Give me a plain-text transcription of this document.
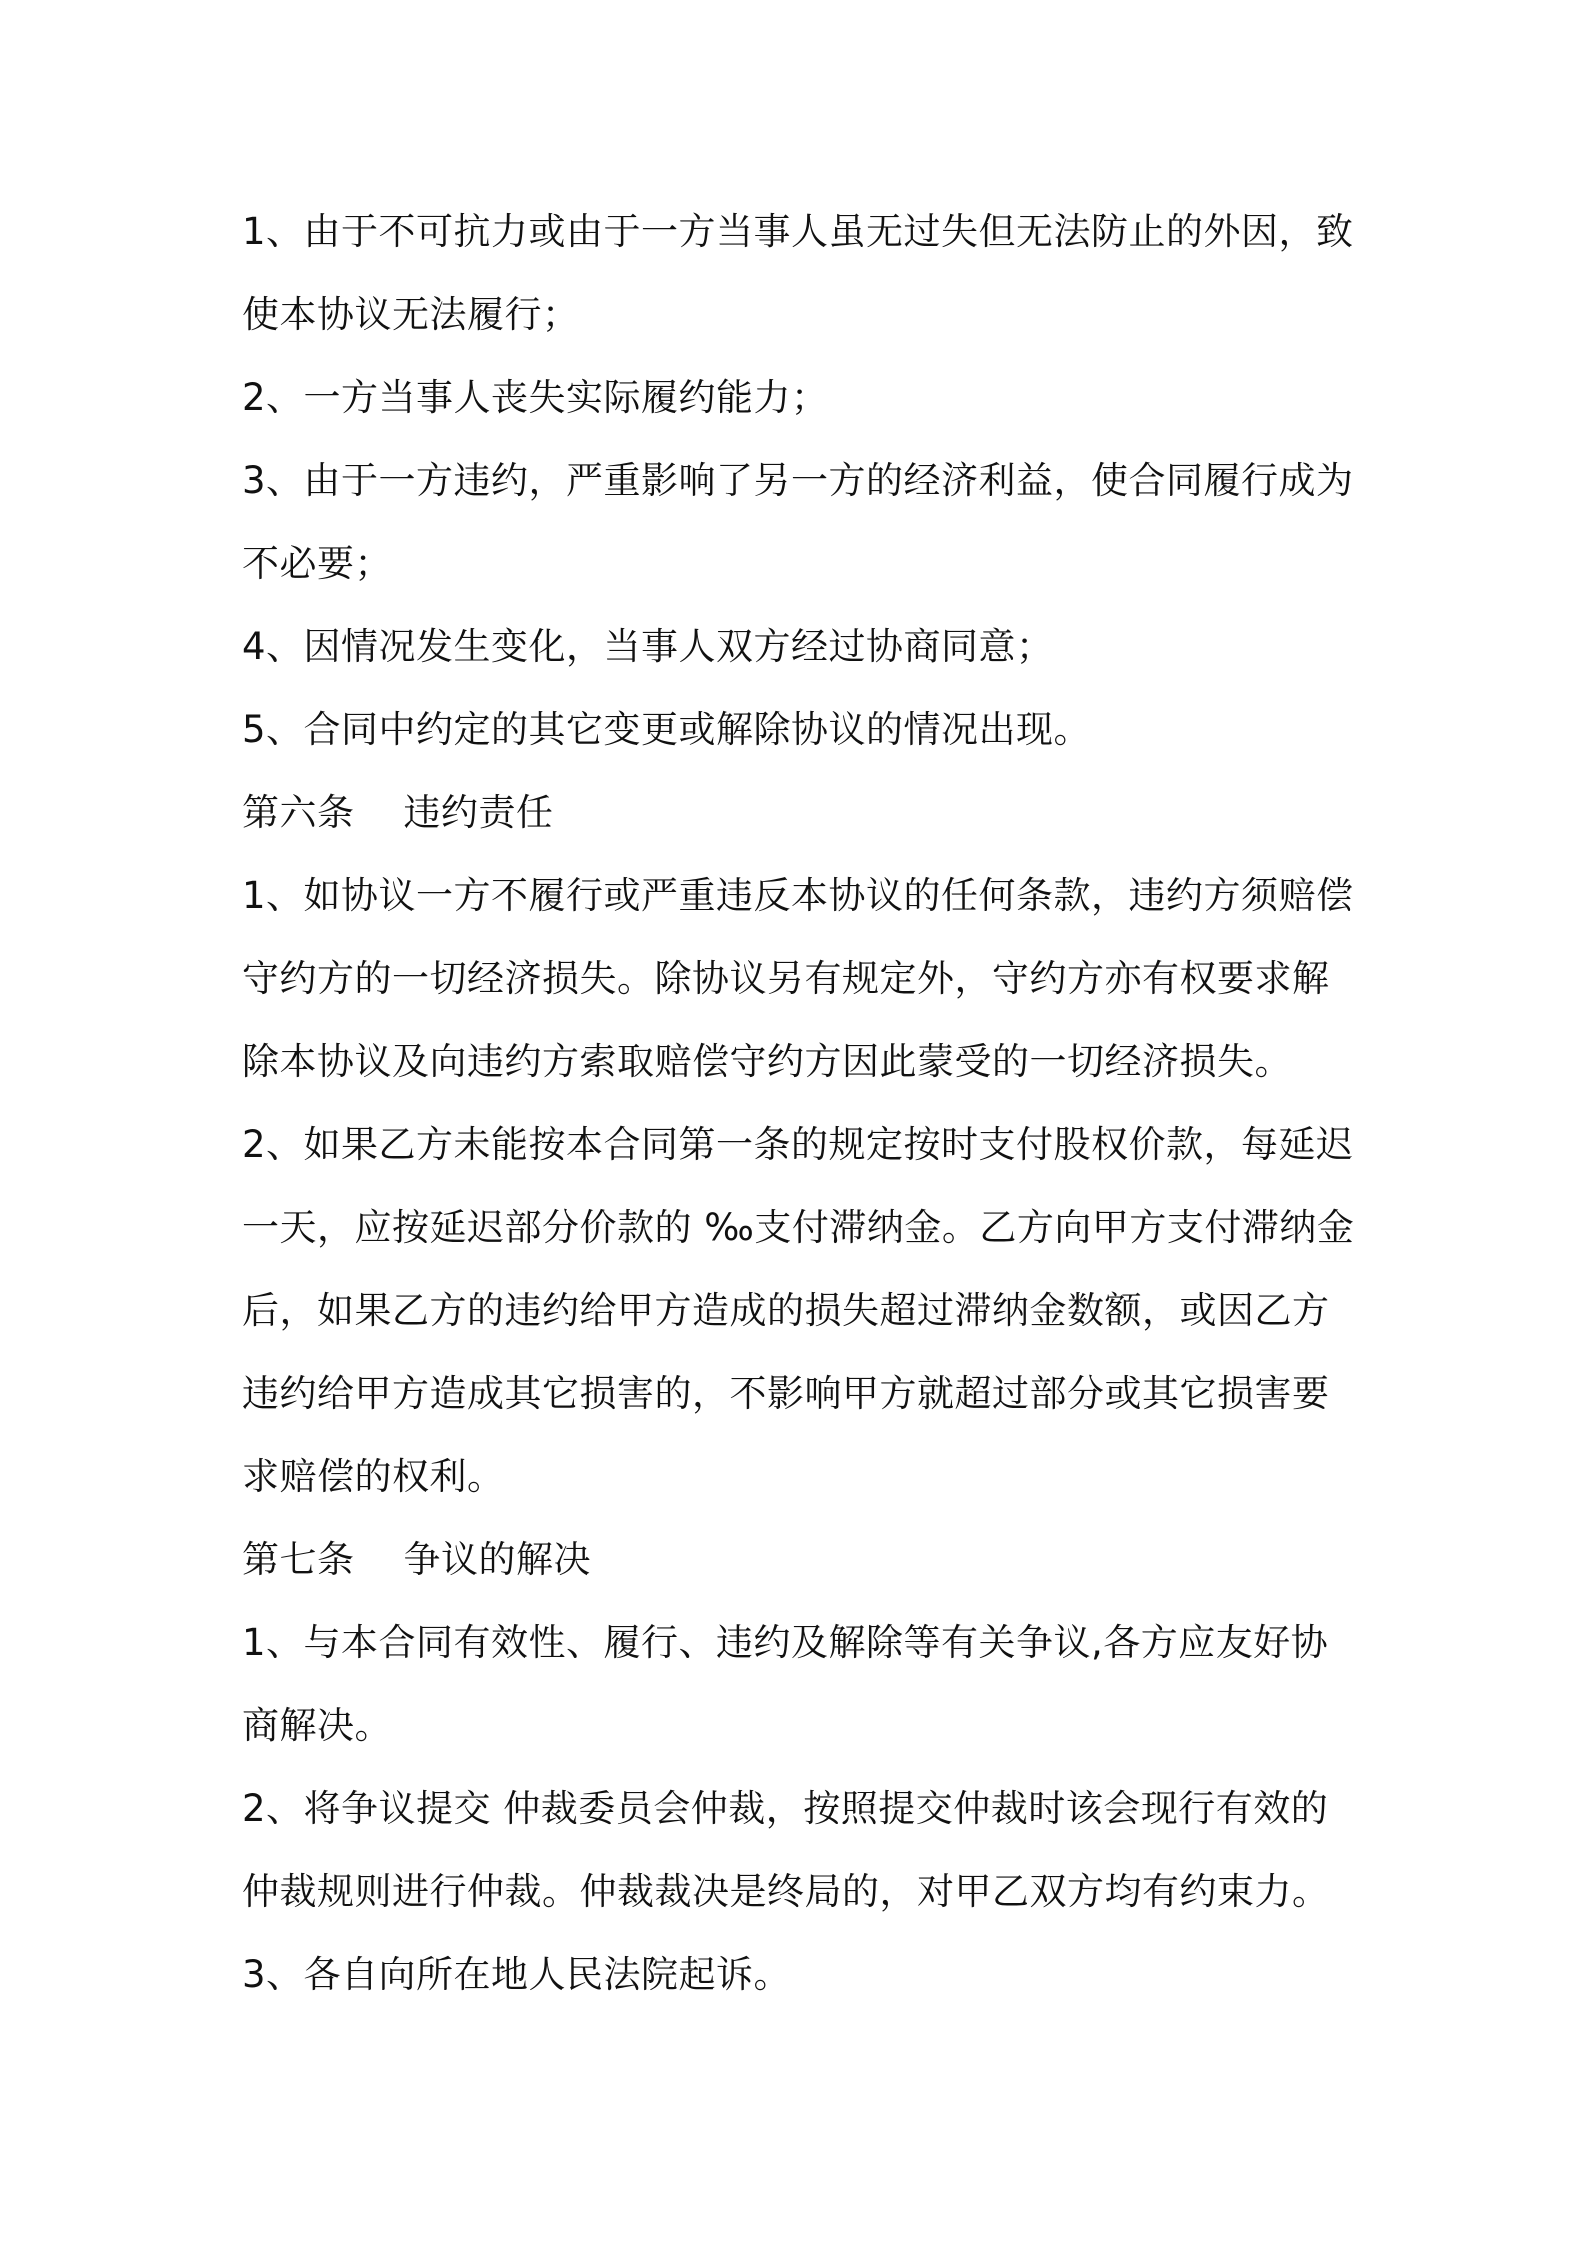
1、由于不可抗力或由于一方当事人虽无过失但无法防止的外因，致使本协议无法履行；

2、一方当事人丧失实际履约能力；

3、由于一方违约，严重影响了另一方的经济利益，使合同履行成为不必要；

4、因情况发生变化，当事人双方经过协商同意；

5、合同中约定的其它变更或解除协议的情况出现。

第六条    违约责任

1、如协议一方不履行或严重违反本协议的任何条款，违约方须赔偿守约方的一切经济损失。除协议另有规定外，守约方亦有权要求解除本协议及向违约方索取赔偿守约方因此蒙受的一切经济损失。

2、如果乙方未能按本合同第一条的规定按时支付股权价款，每延迟一天，应按延迟部分价款的 ‰支付滞纳金。乙方向甲方支付滞纳金后，如果乙方的违约给甲方造成的损失超过滞纳金数额，或因乙方违约给甲方造成其它损害的，不影响甲方就超过部分或其它损害要求赔偿的权利。

第七条    争议的解决

1、与本合同有效性、履行、违约及解除等有关争议,各方应友好协商解决。

2、将争议提交 仲裁委员会仲裁，按照提交仲裁时该会现行有效的仲裁规则进行仲裁。仲裁裁决是终局的，对甲乙双方均有约束力。

3、各自向所在地人民法院起诉。
